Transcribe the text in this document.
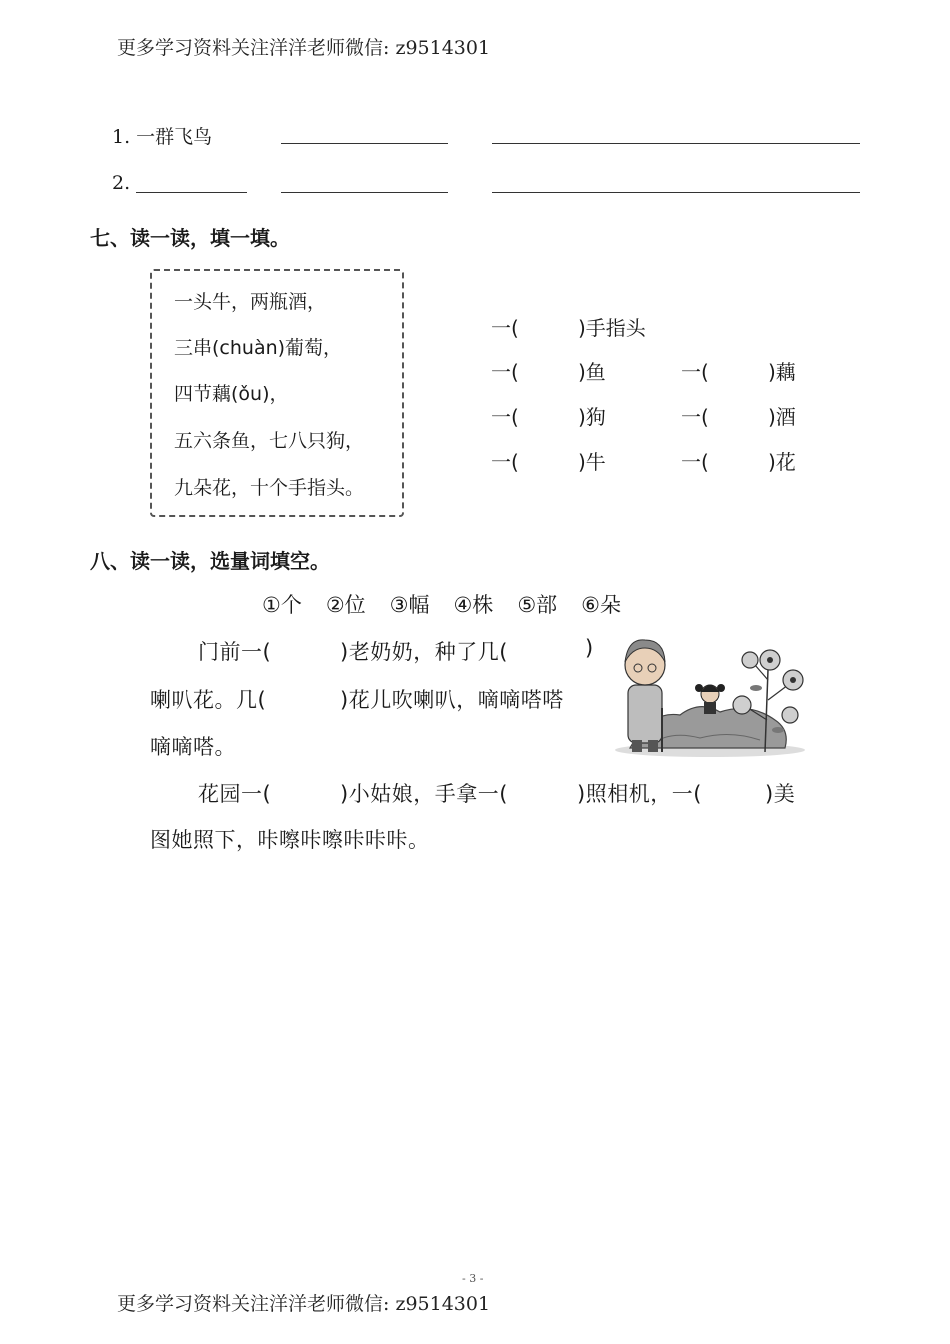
更多学习资料关注洋洋老师微信: z9514301
1. 一群飞鸟
2.
七、读一读，填一填。
一头牛，两瓶酒，
三串(chuàn)葡萄，
四节藕(ǒu)，
五六条鱼，七八只狗，
九朵花，十个手指头。
一(	)手指头
一(	)鱼	一(	)藕
一(	)狗	一(	)酒
一(	)牛	一(	)花
八、读一读，选量词填空。
①个 ②位 ③幅 ④株 ⑤部 ⑥朵
门前一(	)老奶奶，种了几(	)
喇叭花。几(	)花儿吹喇叭，嘀嘀嗒嗒
嘀嘀嗒。
花园一(	)小姑娘，手拿一(	)照相机，一(	)美
图她照下，咔嚓咔嚓咔咔咔。
- 3 -
更多学习资料关注洋洋老师微信: z9514301
